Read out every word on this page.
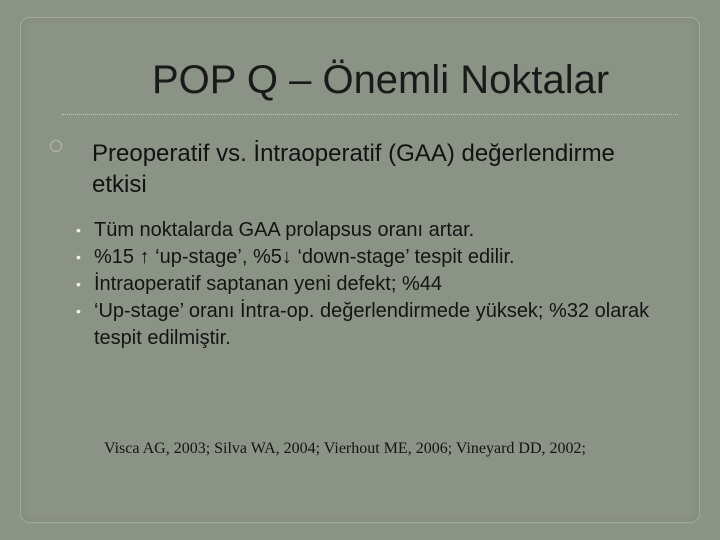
POP Q – Önemli Noktalar
Preoperatif vs. İntraoperatif (GAA) değerlendirme etkisi
• Tüm noktalarda GAA prolapsus oranı artar.
• %15 ↑ ‘up-stage’, %5↓ ‘down-stage’ tespit edilir.
• İntraoperatif saptanan yeni defekt; %44
• ‘Up-stage’ oranı İntra-op. değerlendirmede yüksek; %32 olarak tespit edilmiştir.
Visca AG, 2003; Silva WA, 2004; Vierhout ME, 2006; Vineyard DD, 2002;
